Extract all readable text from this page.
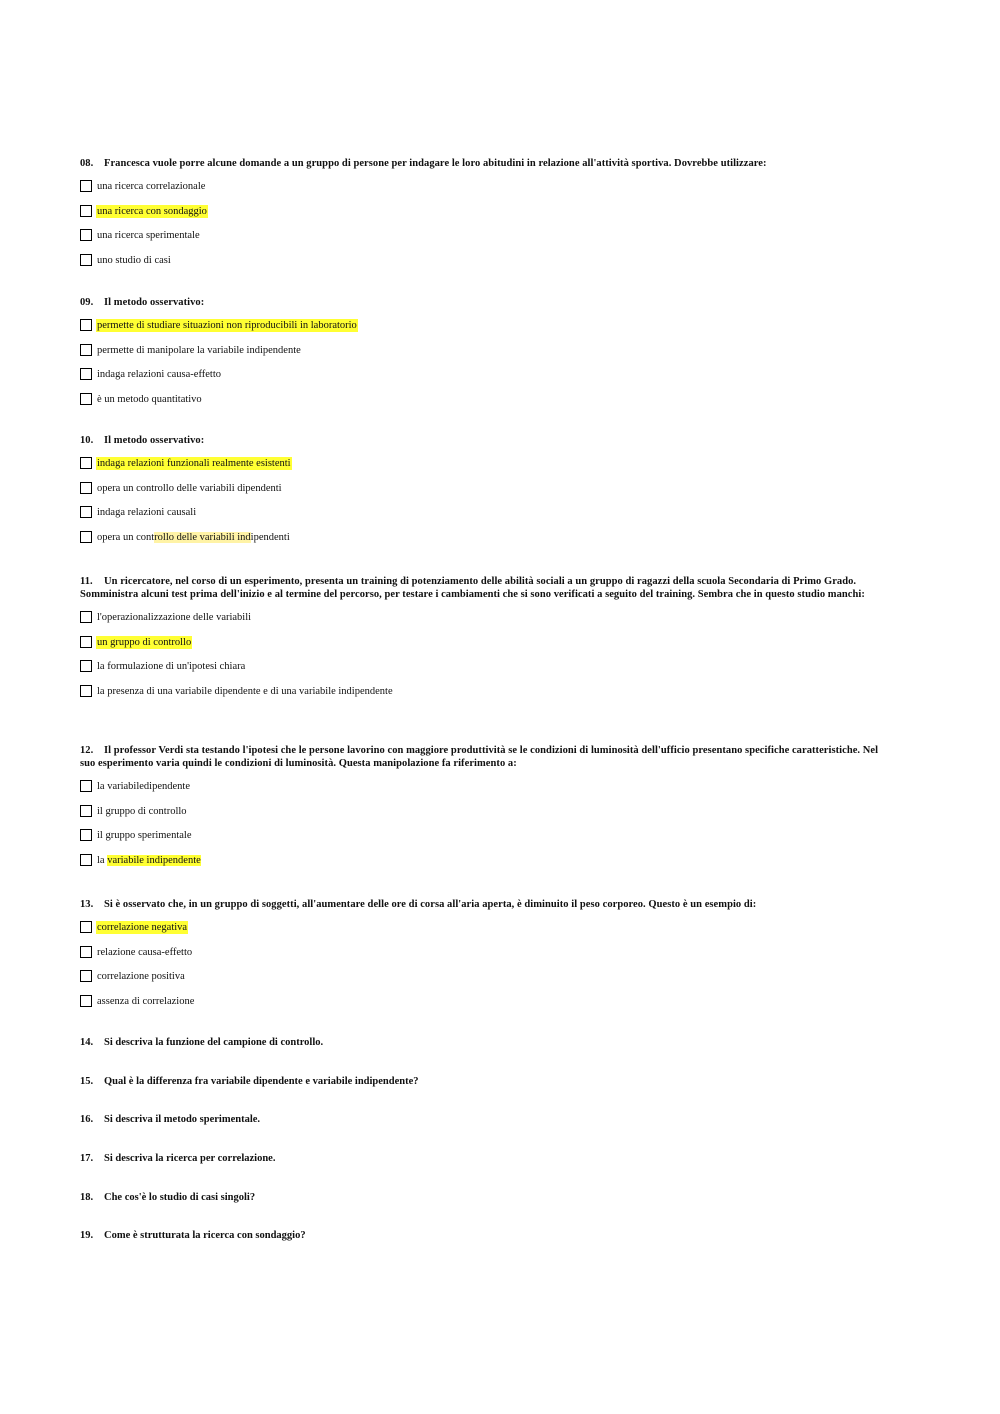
08. Francesca vuole porre alcune domande a un gruppo di persone per indagare le loro abitudini in relazione all'attività sportiva. Dovrebbe utilizzare:

una ricerca correlazionale
una ricerca con sondaggio
una ricerca sperimentale
uno studio di casi

09. Il metodo osservativo:

permette di studiare situazioni non riproducibili in laboratorio
permette di manipolare la variabile indipendente
indaga relazioni causa-effetto
è un metodo quantitativo

10. Il metodo osservativo:

indaga relazioni funzionali realmente esistenti
opera un controllo delle variabili dipendenti
indaga relazioni causali
opera un controllo delle variabili indipendenti

11. Un ricercatore, nel corso di un esperimento, presenta un training di potenziamento delle abilità sociali a un gruppo di ragazzi della scuola Secondaria di Primo Grado. Somministra alcuni test prima dell'inizio e al termine del percorso, per testare i cambiamenti che si sono verificati a seguito del training. Sembra che in questo studio manchi:

l'operazionalizzazione delle variabili
un gruppo di controllo
la formulazione di un'ipotesi chiara
la presenza di una variabile dipendente e di una variabile indipendente

12. Il professor Verdi sta testando l'ipotesi che le persone lavorino con maggiore produttività se le condizioni di luminosità dell'ufficio presentano specifiche caratteristiche. Nel suo esperimento varia quindi le condizioni di luminosità. Questa manipolazione fa riferimento a:

la variabiledipendente
il gruppo di controllo
il gruppo sperimentale
la variabile indipendente

13. Si è osservato che, in un gruppo di soggetti, all'aumentare delle ore di corsa all'aria aperta, è diminuito il peso corporeo. Questo è un esempio di:

correlazione negativa
relazione causa-effetto
correlazione positiva
assenza di correlazione
14. Si descriva la funzione del campione di controllo.
15. Qual è la differenza fra variabile dipendente e variabile indipendente?
16. Si descriva il metodo sperimentale.
17. Si descriva la ricerca per correlazione.
18. Che cos'è lo studio di casi singoli?
19. Come è strutturata la ricerca con sondaggio?
